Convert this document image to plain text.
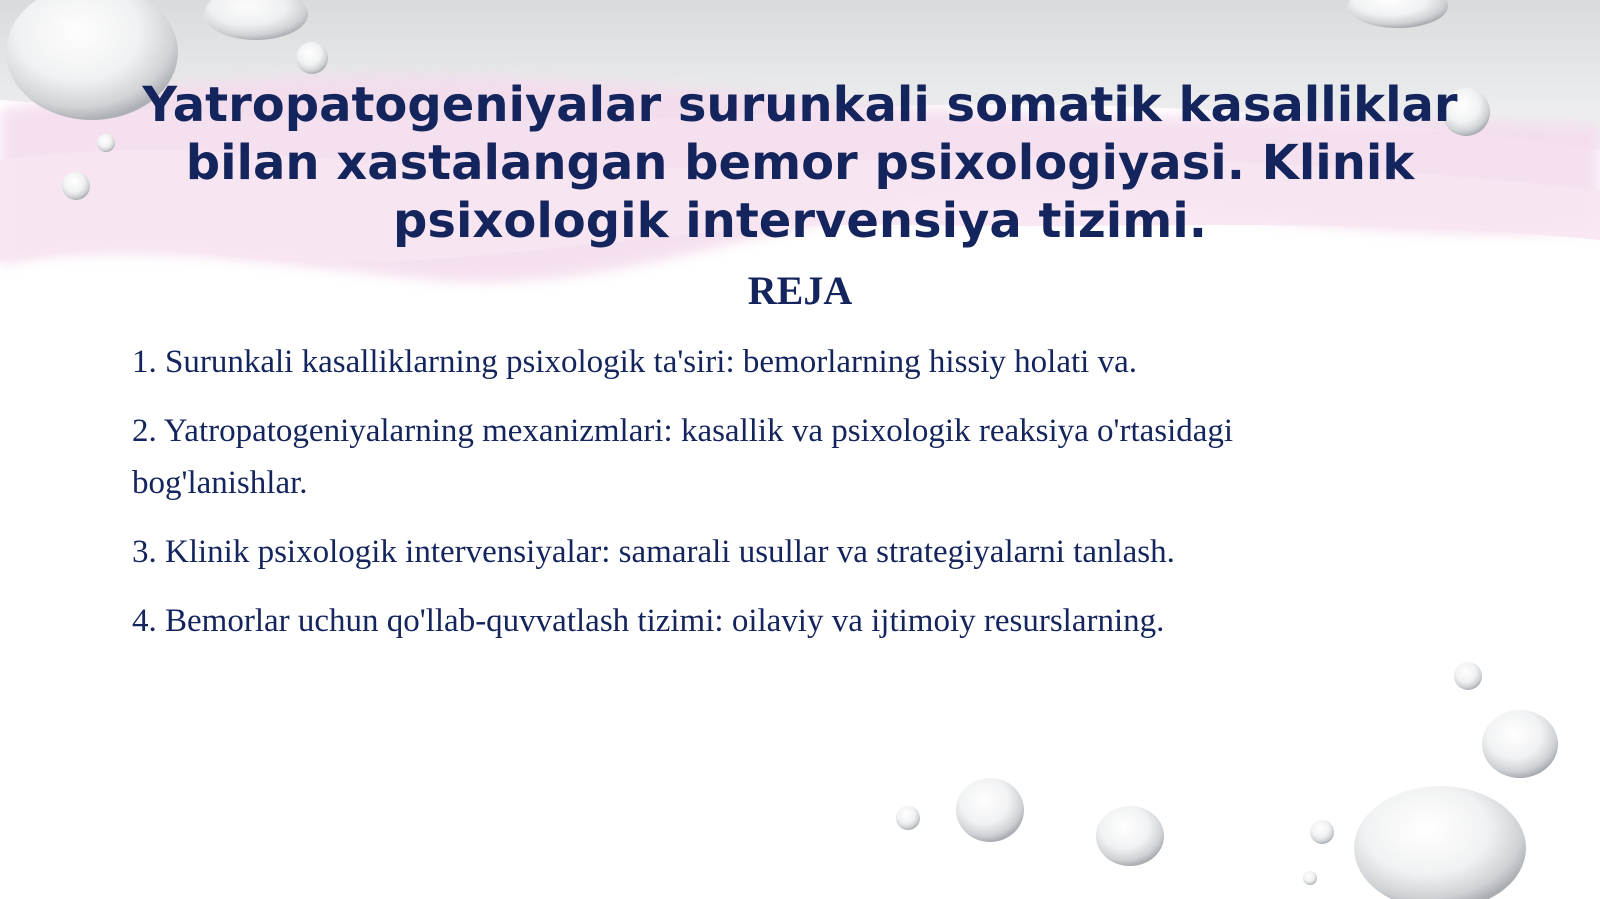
Yatropatogeniyalar surunkali somatik kasalliklar bilan xastalangan bemor psixologiyasi. Klinik psixologik intervensiya tizimi.
REJA
1. Surunkali kasalliklarning psixologik ta'siri: bemorlarning hissiy holati va.
2. Yatropatogeniyalarning mexanizmlari: kasallik va psixologik reaksiya o'rtasidagi bog'lanishlar.
3. Klinik psixologik intervensiyalar: samarali usullar va strategiyalarni tanlash.
4. Bemorlar uchun qo'llab-quvvatlash tizimi: oilaviy va ijtimoiy resurslarning.
